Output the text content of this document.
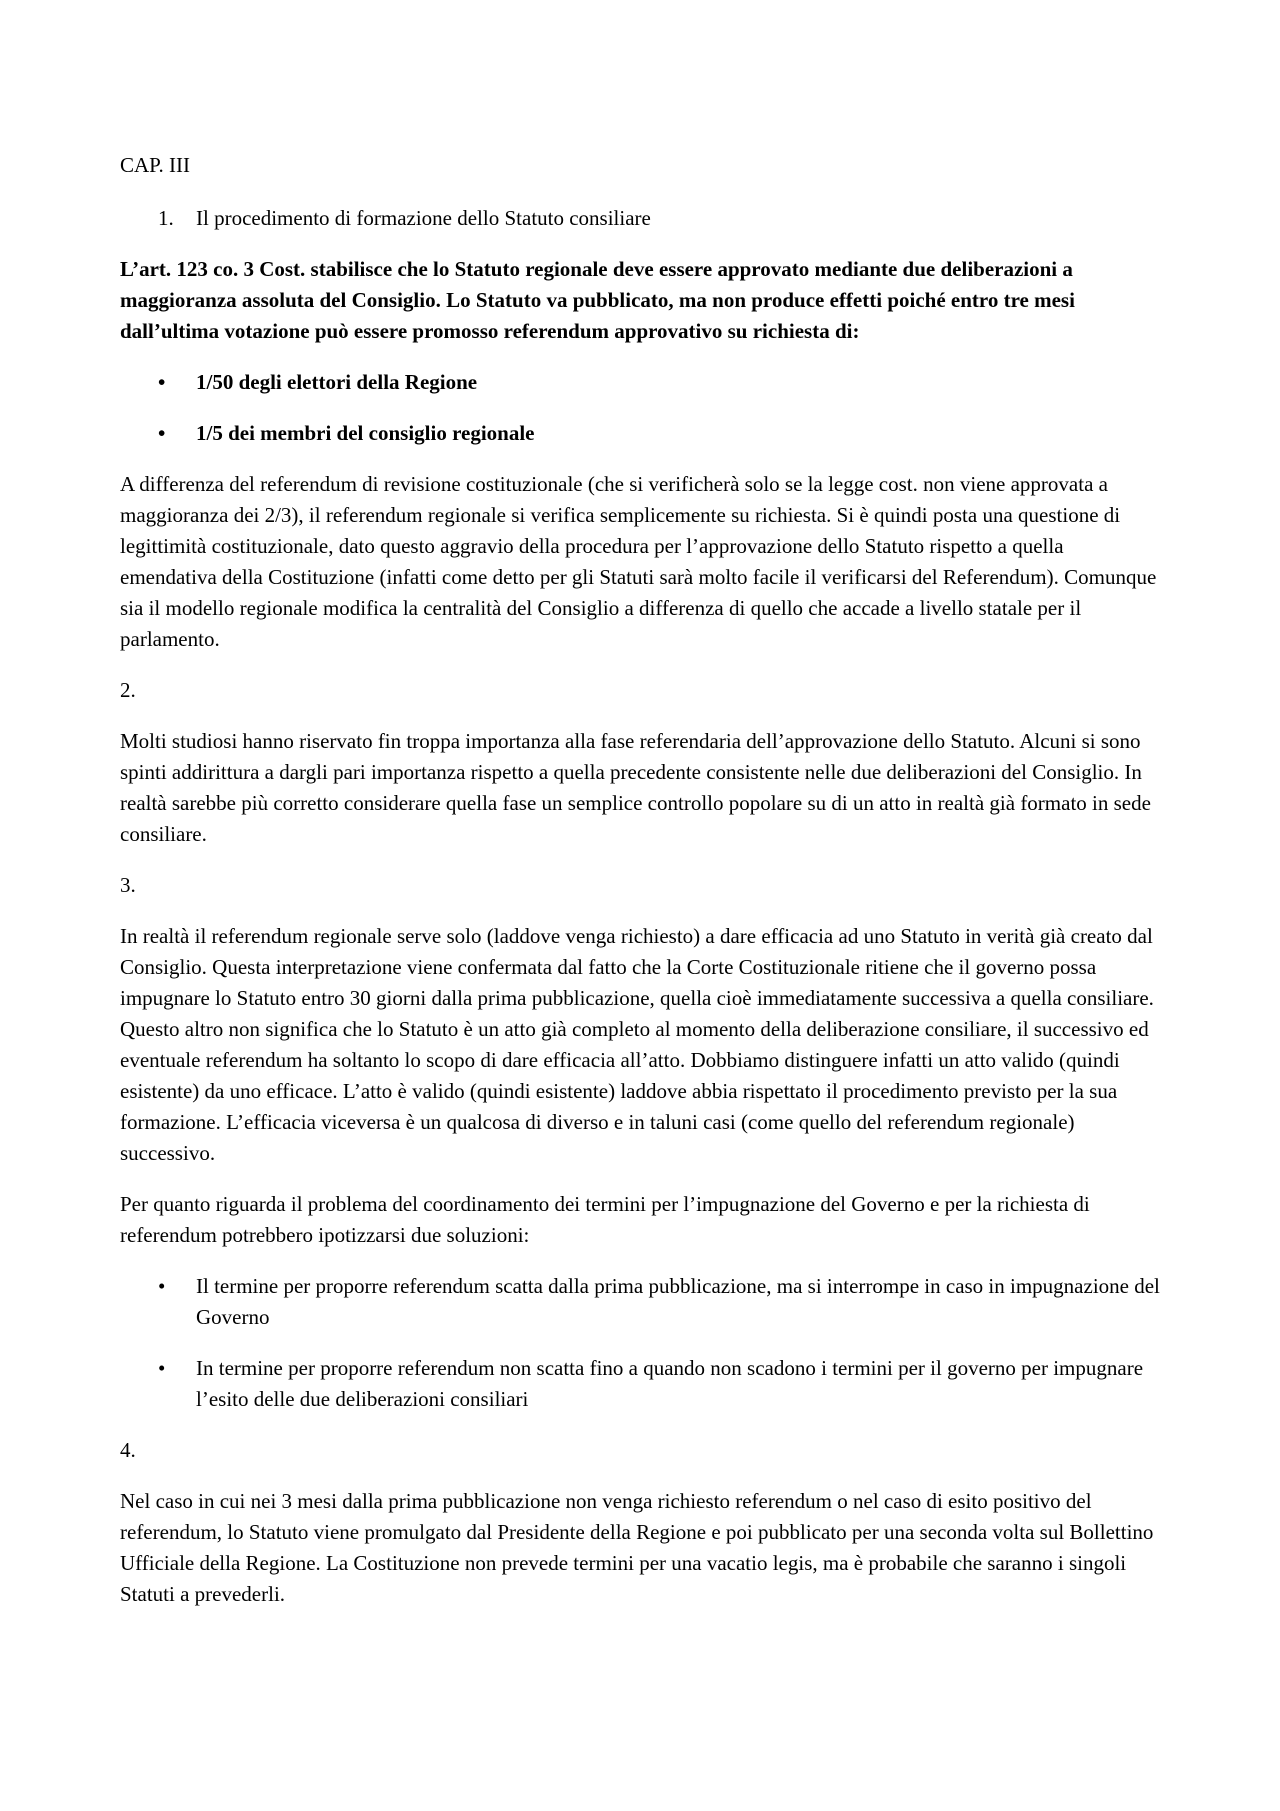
CAP. III

1.	Il procedimento di formazione dello Statuto consiliare

L’art. 123 co. 3 Cost. stabilisce che lo Statuto regionale deve essere approvato mediante due deliberazioni a maggioranza assoluta del Consiglio. Lo Statuto va pubblicato, ma non produce effetti poiché entro tre mesi dall’ultima votazione può essere promosso referendum approvativo su richiesta di:

•	1/50 degli elettori della Regione
•	1/5 dei membri del consiglio regionale

A differenza del referendum di revisione costituzionale (che si verificherà solo se la legge cost. non viene approvata a maggioranza dei 2/3), il referendum regionale si verifica semplicemente su richiesta. Si è quindi posta una questione di legittimità costituzionale, dato questo aggravio della procedura per l’approvazione dello Statuto rispetto a quella emendativa della Costituzione (infatti come detto per gli Statuti sarà molto facile il verificarsi del Referendum). Comunque sia il modello regionale modifica la centralità del Consiglio a differenza di quello che accade a livello statale per il parlamento.

2.

Molti studiosi hanno riservato fin troppa importanza alla fase referendaria dell’approvazione dello Statuto. Alcuni si sono spinti addirittura a dargli pari importanza rispetto a quella precedente consistente nelle due deliberazioni del Consiglio. In realtà sarebbe più corretto considerare quella fase un semplice controllo popolare su di un atto in realtà già formato in sede consiliare.

3.

In realtà il referendum regionale serve solo (laddove venga richiesto) a dare efficacia ad uno Statuto in verità già creato dal Consiglio. Questa interpretazione viene confermata dal fatto che la Corte Costituzionale ritiene che il governo possa impugnare lo Statuto entro 30 giorni dalla prima pubblicazione, quella cioè immediatamente successiva a quella consiliare. Questo altro non significa che lo Statuto è un atto già completo al momento della deliberazione consiliare, il successivo ed eventuale referendum ha soltanto lo scopo di dare efficacia all’atto. Dobbiamo distinguere infatti un atto valido (quindi esistente) da uno efficace. L’atto è valido (quindi esistente) laddove abbia rispettato il procedimento previsto per la sua formazione. L’efficacia viceversa è un qualcosa di diverso e in taluni casi (come quello del referendum regionale) successivo.

Per quanto riguarda il problema del coordinamento dei termini per l’impugnazione del Governo e per la richiesta di referendum potrebbero ipotizzarsi due soluzioni:

•	Il termine per proporre referendum scatta dalla prima pubblicazione, ma si interrompe in caso in impugnazione del Governo
•	In termine per proporre referendum non scatta fino a quando non scadono i termini per il governo per impugnare l’esito delle due deliberazioni consiliari

4.

Nel caso in cui nei 3 mesi dalla prima pubblicazione non venga richiesto referendum o nel caso di esito positivo del referendum, lo Statuto viene promulgato dal Presidente della Regione e poi pubblicato per una seconda volta sul Bollettino Ufficiale della Regione. La Costituzione non prevede termini per una vacatio legis, ma è probabile che saranno i singoli Statuti a prevederli.
